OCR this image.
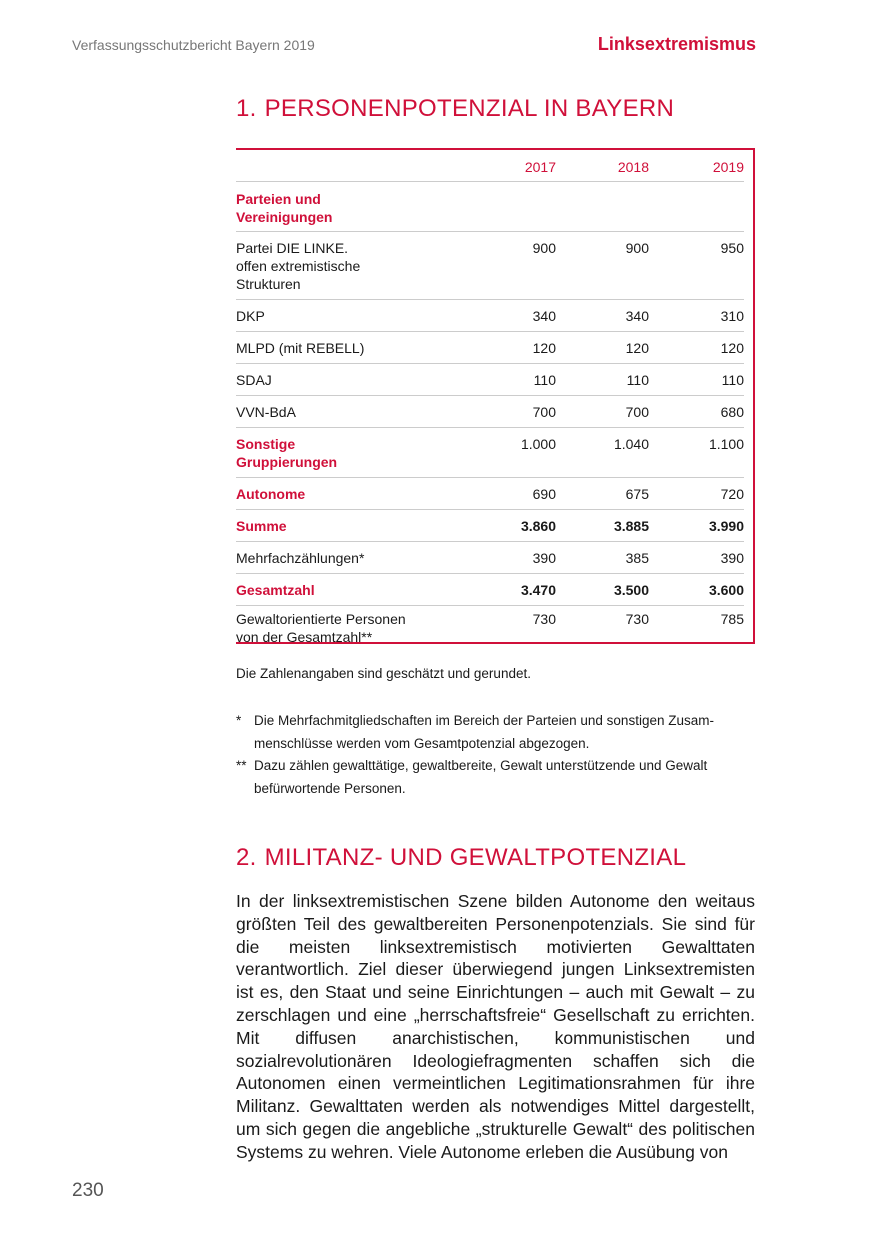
Verfassungsschutzbericht Bayern 2019	Linksextremismus
1. PERSONENPOTENZIAL IN BAYERN
	2017	2018	2019
Parteien und
Vereinigungen			
Partei DIE LINKE.
offen extremistische
Strukturen	900	900	950
DKP	340	340	310
MLPD (mit REBELL)	120	120	120
SDAJ	110	110	110
VVN-BdA	700	700	680
Sonstige
Gruppierungen	1.000	1.040	1.100
Autonome	690	675	720
Summe	3.860	3.885	3.990
Mehrfachzählungen*	390	385	390
Gesamtzahl	3.470	3.500	3.600
Gewaltorientierte Personen
von der Gesamtzahl**	730	730	785
Die Zahlenangaben sind geschätzt und gerundet.
* Die Mehrfachmitgliedschaften im Bereich der Parteien und sonstigen Zusam-
menschlüsse werden vom Gesamtpotenzial abgezogen.
** Dazu zählen gewalttätige, gewaltbereite, Gewalt unterstützende und Gewalt
befürwortende Personen.
2. MILITANZ- UND GEWALTPOTENZIAL
In der linksextremistischen Szene bilden Autonome den weitaus größten Teil des gewaltbereiten Personenpotenzials. Sie sind für die meisten linksextremistisch motivierten Gewalttaten verantwortlich. Ziel dieser überwiegend jungen Linksextremisten ist es, den Staat und seine Einrichtungen – auch mit Gewalt – zu zerschlagen und eine „herrschaftsfreie“ Gesellschaft zu errichten. Mit diffusen anarchistischen, kommunistischen und sozialrevolutionären Ideologiefragmenten schaffen sich die Autonomen einen vermeintlichen Legitimationsrahmen für ihre Militanz. Gewalttaten werden als notwendiges Mittel dargestellt, um sich gegen die angebliche „strukturelle Gewalt“ des politischen Systems zu wehren. Viele Autonome erleben die Ausübung von
230
